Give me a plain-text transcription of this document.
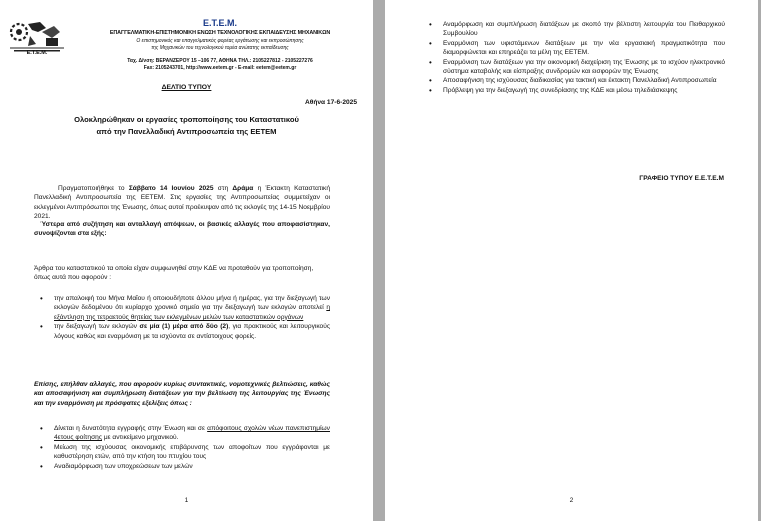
Ε.Τ.Ε.Μ.
Ε.Τ.Ε.Μ.
ΕΠΑΓΓΕΛΜΑΤΙΚΗ-ΕΠΙΣΤΗΜΟΝΙΚΗ ΕΝΩΣΗ ΤΕΧΝΟΛΟΓΙΚΗΣ ΕΚΠΑΙΔΕΥΣΗΣ ΜΗΧΑΝΙΚΩΝ
Ο επιστημονικός και επαγγελματικός φορέας εργάτωσης και εκπροσώπησης
της Μηχανικών του τεχνολογικού τομέα ανώτατης εκπαίδευσης
Ταχ. Δ/νση: ΒΕΡΑΝΖΕΡΟΥ 15 –106 77, ΑΘΗΝΑ ΤΗΛ.: 2105227812 - 2105227276
Fax: 2105243701, http://www.eetem.gr - E-mail: eetem@eetem.gr
ΔΕΛΤΙΟ ΤΥΠΟΥ
Αθήνα 17-6-2025
Ολοκληρώθηκαν οι εργασίες τροποποίησης του Καταστατικού
από την Πανελλαδική Αντιπροσωπεία της ΕΕΤΕΜ
Πραγματοποιήθηκε το Σάββατο 14 Ιουνίου 2025 στη Δράμα η Έκτακτη Καταστατική Πανελλαδική Αντιπροσωπεία της ΕΕΤΕΜ. Στις εργασίες της Αντιπροσωπείας συμμετείχαν οι εκλεγμένοι Αντιπρόσωποι της Ένωσης, όπως αυτοί προέκυψαν από τις εκλογές της 14-15 Νοεμβρίου 2021.
Ύστερα από συζήτηση και ανταλλαγή απόψεων, οι βασικές αλλαγές που αποφασίστηκαν, συνοψίζονται στα εξής:
Άρθρα του καταστατικού τα οποία είχαν συμφωνηθεί στην ΚΔΕ να προταθούν για τροποποίηση, όπως αυτά που αφορούν :
• την απαλοιφή του Μήνα Μαΐου ή οποιουδήποτε άλλου μήνα ή ημέρας, για την διεξαγωγή των εκλογών δεδομένου ότι κυρίαρχο χρονικό σημείο για την διεξαγωγή των εκλογών αποτελεί η εξάντληση της τετραετούς θητείας των εκλεγμένων μελών των καταστατικών οργάνων
• την διεξαγωγή των εκλογών σε μία (1) μέρα από δύο (2), για πρακτικούς και λειτουργικούς λόγους καθώς και εναρμόνιση με τα ισχύοντα σε αντίστοιχους φορείς.
Επίσης, επήλθαν αλλαγές, που αφορούν κυρίως συντακτικές, νομοτεχνικές βελτιώσεις, καθώς και αποσαφήνιση και συμπλήρωση διατάξεων για την βελτίωση της λειτουργίας της Ένωσης και την εναρμόνιση με πρόσφατες εξελίξεις όπως :
• Δίνεται η δυνατότητα εγγραφής στην Ένωση και σε απόφοιτους σχολών νέων πανεπιστημίων 4ετους φοίτησης με αντικείμενο μηχανικού.
• Μείωση της ισχύουσας οικονομικής επιβάρυνσης των αποφοίτων που εγγράφονται με καθυστέρηση ετών, από την κτήση του πτυχίου τους
• Αναδιαμόρφωση των υποχρεώσεων των μελών
1
• Αναμόρφωση και συμπλήρωση διατάξεων με σκοπό την βέλτιστη λειτουργία του Πειθαρχικού Συμβουλίου
• Εναρμόνιση των υφιστάμενων διατάξεων με την νέα εργασιακή πραγματικότητα που διαμορφώνεται και επηρεάζει τα μέλη της ΕΕΤΕΜ.
• Εναρμόνιση των διατάξεων για την οικονομική διαχείριση της Ένωσης με το ισχύον ηλεκτρονικό σύστημα καταβολής και είσπραξης συνδρομών και εισφορών της Ένωσης
• Αποσαφήνιση της ισχύουσας διαδικασίας για τακτική και έκτακτη Πανελλαδική Αντιπροσωπεία
• Πρόβλεψη για την διεξαγωγή της συνεδρίασης της ΚΔΕ και μέσω τηλεδιάσκεψης
ΓΡΑΦΕΙΟ ΤΥΠΟΥ Ε.Ε.Τ.Ε.Μ
2
